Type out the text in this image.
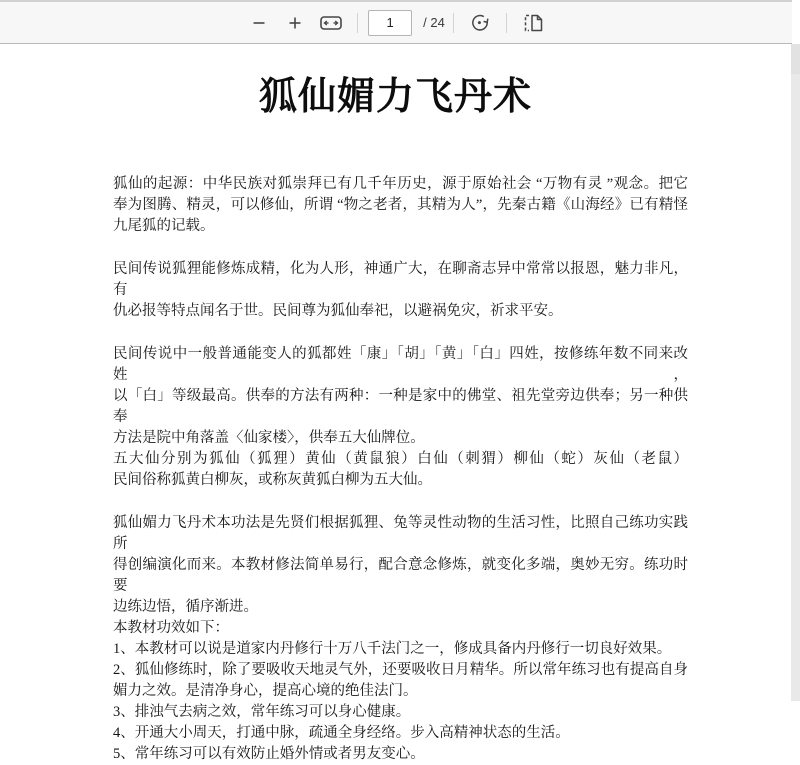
1
/ 24
狐仙媚力飞丹术
狐仙的起源：中华民族对狐崇拜已有几千年历史，源于原始社会 “万物有灵 ”观念。把它
奉为图腾、精灵，可以修仙，所谓 “物之老者，其精为人”，先秦古籍《山海经》已有精怪
九尾狐的记载。
民间传说狐狸能修炼成精，化为人形，神通广大，在聊斋志异中常常以报恩，魅力非凡，有
仇必报等特点闻名于世。民间尊为狐仙奉祀，以避祸免灾，祈求平安。
民间传说中一般普通能变人的狐都姓「康」「胡」「黄」「白」四姓，按修练年数不同来改姓，
以「白」等级最高。供奉的方法有两种：一种是家中的佛堂、祖先堂旁边供奉；另一种供奉
方法是院中角落盖〈仙家楼〉，供奉五大仙牌位。
五大仙分别为狐仙（狐狸）黄仙（黄鼠狼）白仙（刺猬）柳仙（蛇）灰仙（老鼠）
民间俗称狐黄白柳灰，或称灰黄狐白柳为五大仙。
狐仙媚力飞丹术本功法是先贤们根据狐狸、兔等灵性动物的生活习性，比照自己练功实践所
得创编演化而来。本教材修法简单易行，配合意念修炼，就变化多端，奥妙无穷。练功时要
边练边悟，循序渐进。
本教材功效如下：
1、本教材可以说是道家内丹修行十万八千法门之一，修成具备内丹修行一切良好效果。
2、狐仙修练时，除了要吸收天地灵气外，还要吸收日月精华。所以常年练习也有提高自身
媚力之效。是清净身心，提高心境的绝佳法门。
3、排浊气去病之效，常年练习可以身心健康。
4、开通大小周天，打通中脉，疏通全身经络。步入高精神状态的生活。
5、常年练习可以有效防止婚外情或者男友变心。
